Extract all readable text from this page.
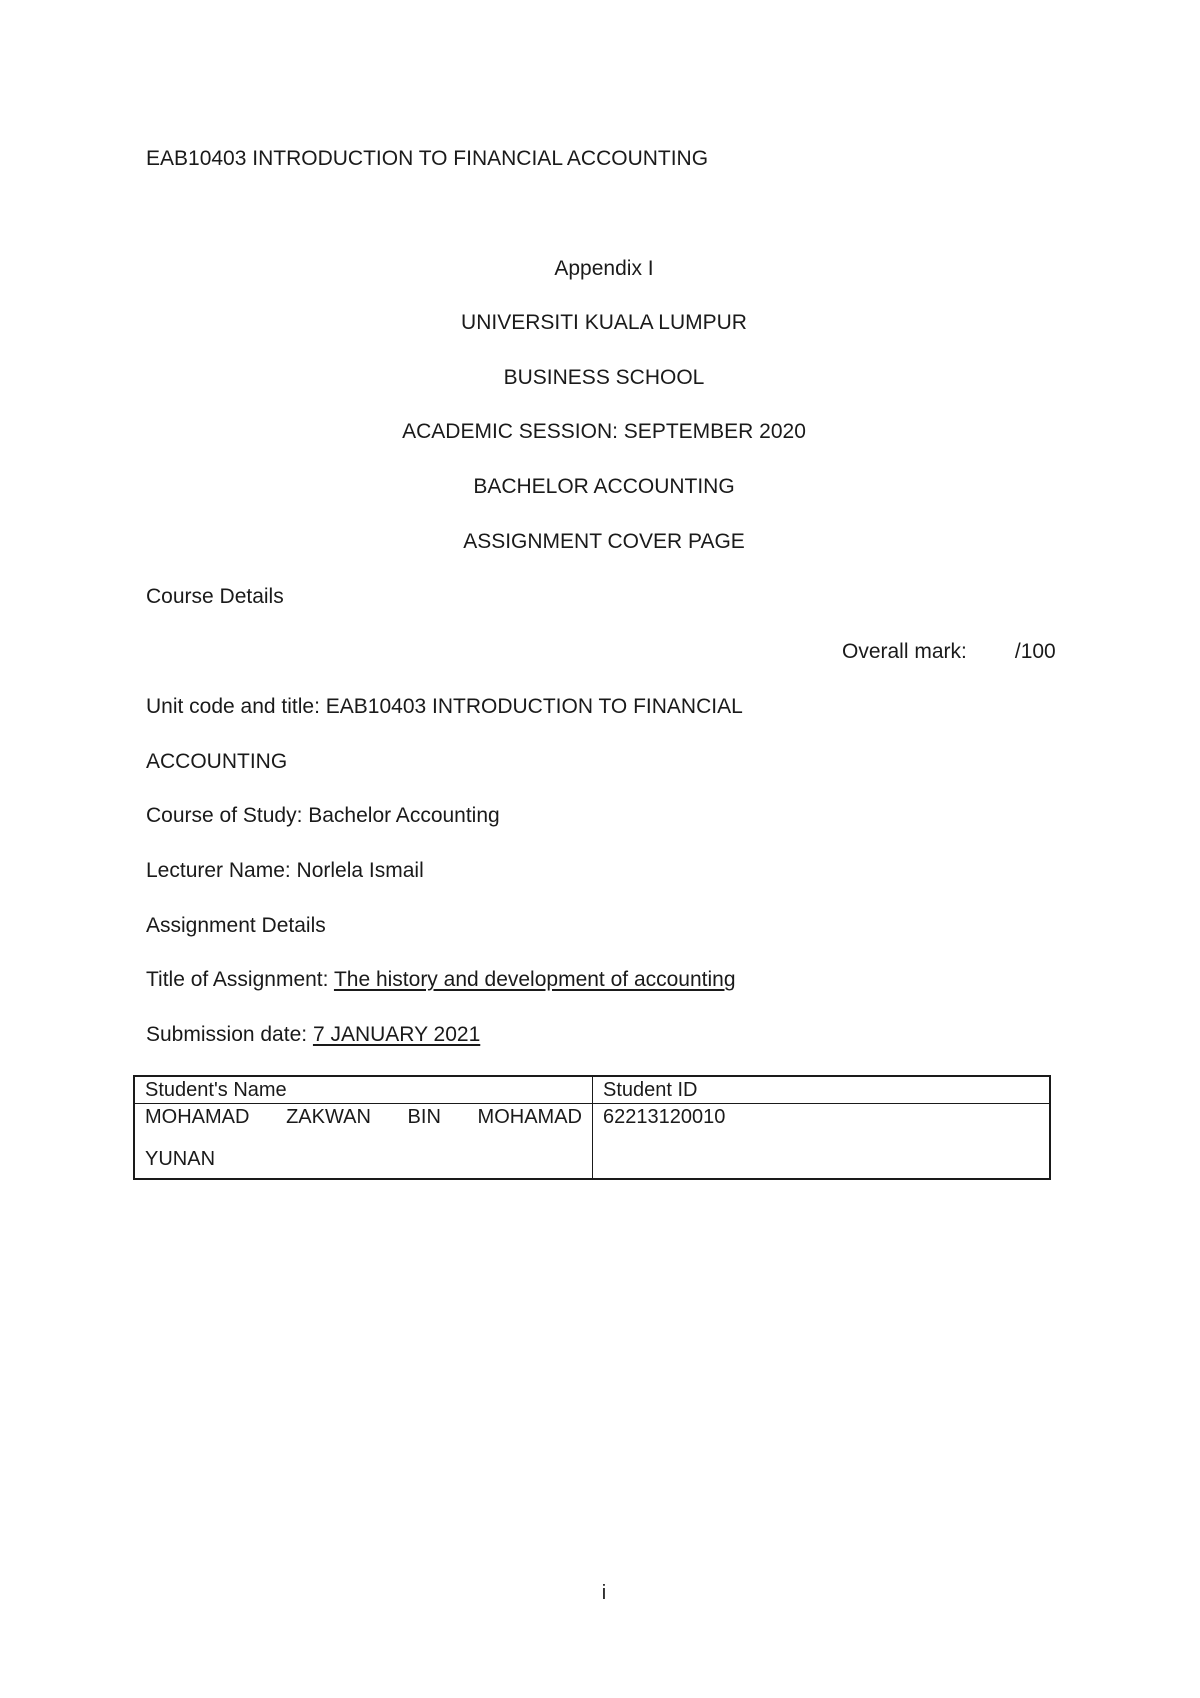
EAB10403 INTRODUCTION TO FINANCIAL ACCOUNTING
Appendix I
UNIVERSITI KUALA LUMPUR
BUSINESS SCHOOL
ACADEMIC SESSION: SEPTEMBER 2020
BACHELOR ACCOUNTING
ASSIGNMENT COVER PAGE
Course Details
Overall mark: /100
Unit code and title: EAB10403 INTRODUCTION TO FINANCIAL
ACCOUNTING
Course of Study: Bachelor Accounting
Lecturer Name: Norlela Ismail
Assignment Details
Title of Assignment: The history and development of accounting
Submission date: 7 JANUARY 2021
Student's Name	Student ID

MOHAMAD ZAKWAN BIN MOHAMAD
YUNAN	62213120010
i
